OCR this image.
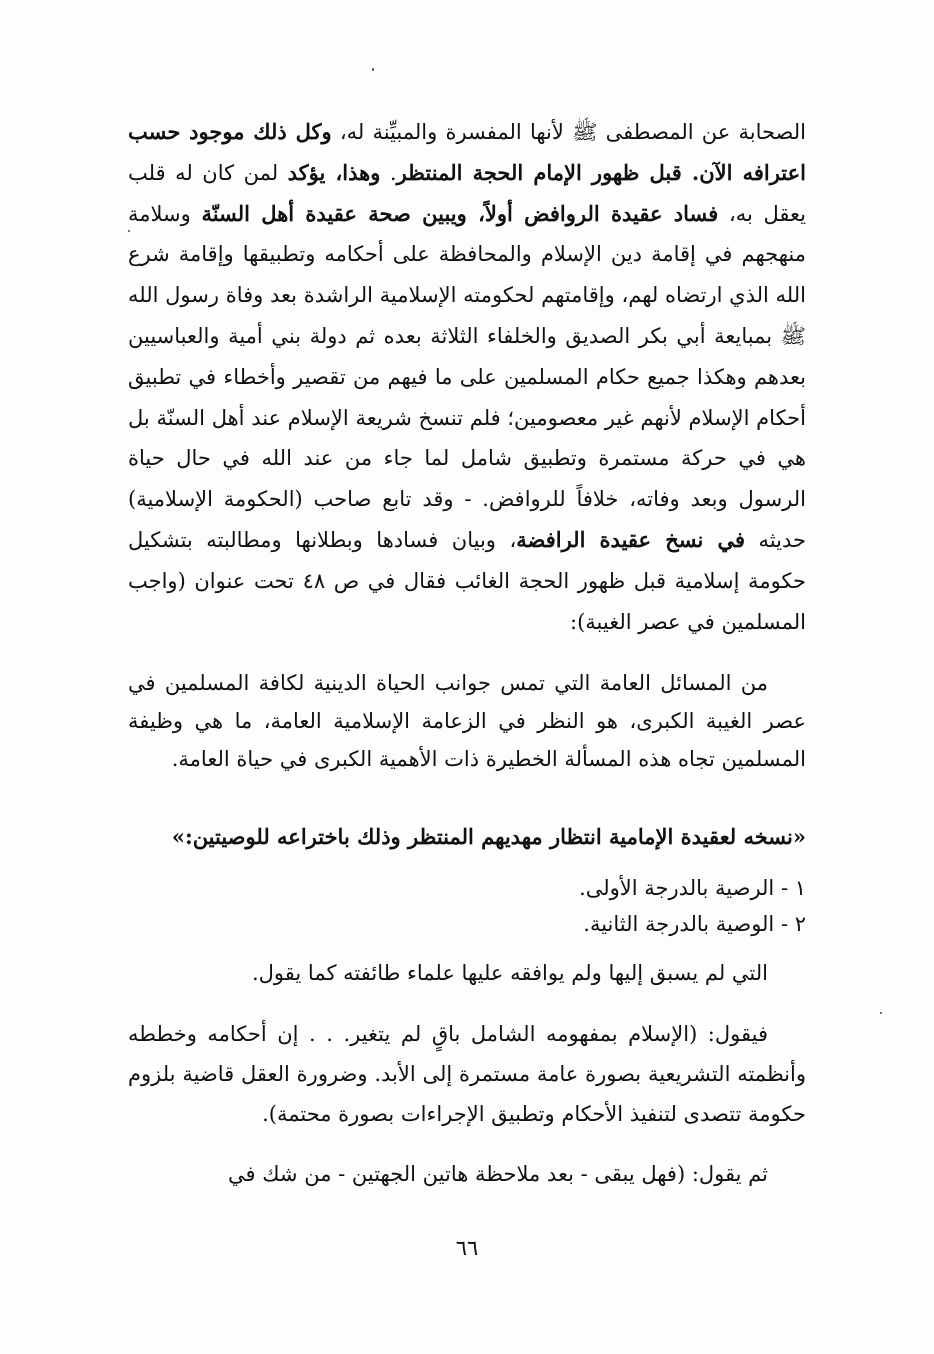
الصحابة عن المصطفى ﷺ لأنها المفسرة والمبيِّنة له، وكل ذلك موجود حسب اعترافه الآن. قبل ظهور الإمام الحجة المنتظر. وهذا، يؤكد لمن كان له قلب يعقل به، فساد عقيدة الروافض أولاً، ويبين صحة عقيدة أهل السنّة وسلامة منهجهم في إقامة دين الإسلام والمحافظة على أحكامه وتطبيقها وإقامة شرع الله الذي ارتضاه لهم، وإقامتهم لحكومته الإسلامية الراشدة بعد وفاة رسول الله ﷺ بمبايعة أبي بكر الصديق والخلفاء الثلاثة بعده ثم دولة بني أمية والعباسيين بعدهم وهكذا جميع حكام المسلمين على ما فيهم من تقصير وأخطاء في تطبيق أحكام الإسلام لأنهم غير معصومين؛ فلم تنسخ شريعة الإسلام عند أهل السنّة بل هي في حركة مستمرة وتطبيق شامل لما جاء من عند الله في حال حياة الرسول وبعد وفاته، خلافاً للروافض. - وقد تابع صاحب (الحكومة الإسلامية) حديثه في نسخ عقيدة الرافضة، وبيان فسادها وبطلانها ومطالبته بتشكيل حكومة إسلامية قبل ظهور الحجة الغائب فقال في ص ٤٨ تحت عنوان (واجب المسلمين في عصر الغيبة):

من المسائل العامة التي تمس جوانب الحياة الدينية لكافة المسلمين في عصر الغيبة الكبرى، هو النظر في الزعامة الإسلامية العامة، ما هي وظيفة المسلمين تجاه هذه المسألة الخطيرة ذات الأهمية الكبرى في حياة العامة.

«نسخه لعقيدة الإمامية انتظار مهديهم المنتظر وذلك باختراعه للوصيتين:»

١ - الرصية بالدرجة الأولى.
٢ - الوصية بالدرجة الثانية.

التي لم يسبق إليها ولم يوافقه عليها علماء طائفته كما يقول.

فيقول: (الإسلام بمفهومه الشامل باقٍ لم يتغير. . . إن أحكامه وخططه وأنظمته التشريعية بصورة عامة مستمرة إلى الأبد. وضرورة العقل قاضية بلزوم حكومة تتصدى لتنفيذ الأحكام وتطبيق الإجراءات بصورة محتمة).

ثم يقول: (فهل يبقى - بعد ملاحظة هاتين الجهتين - من شك في

٦٦
